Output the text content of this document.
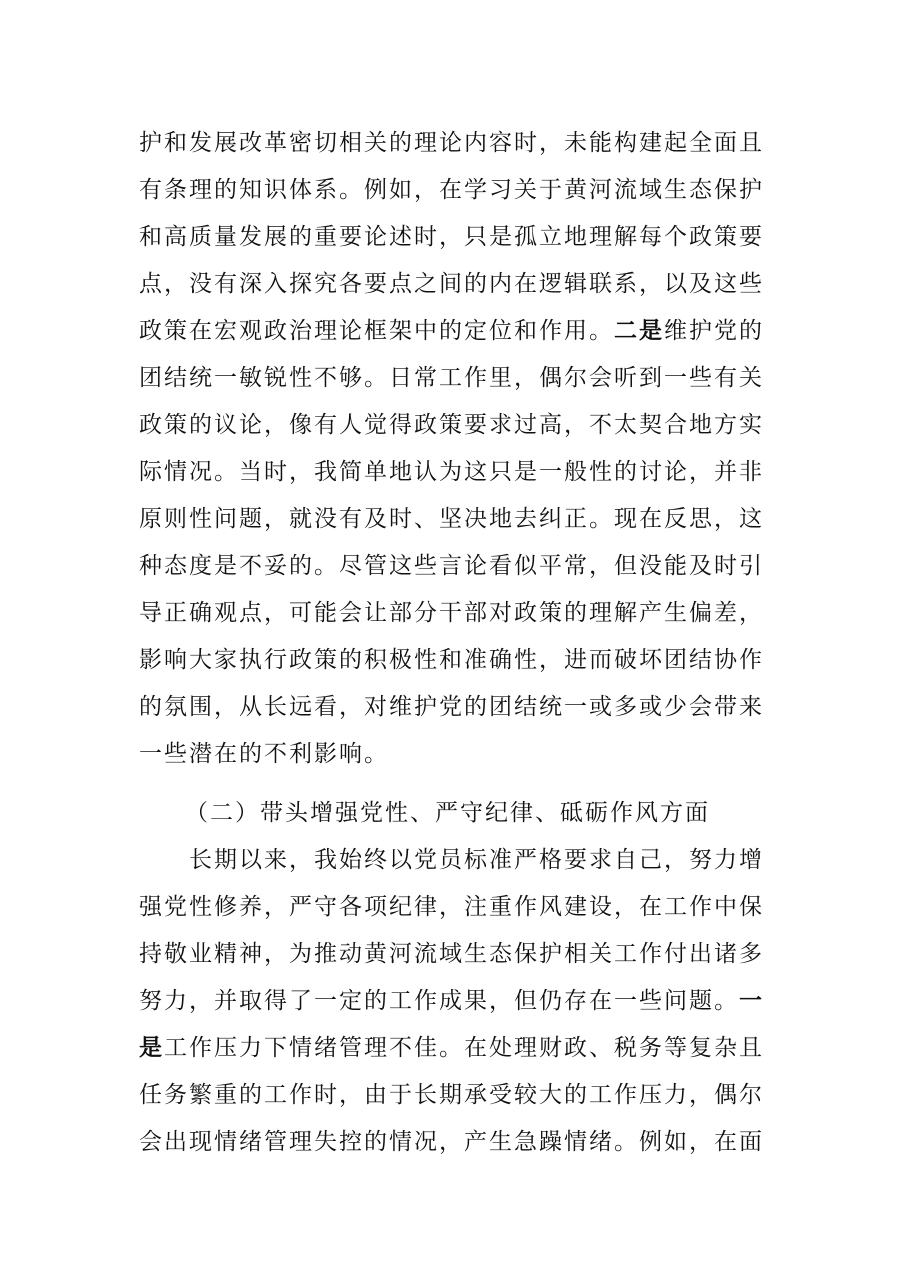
护和发展改革密切相关的理论内容时，未能构建起全面且
有条理的知识体系。例如，在学习关于黄河流域生态保护
和高质量发展的重要论述时，只是孤立地理解每个政策要
点，没有深入探究各要点之间的内在逻辑联系，以及这些
政策在宏观政治理论框架中的定位和作用。二是维护党的
团结统一敏锐性不够。日常工作里，偶尔会听到一些有关
政策的议论，像有人觉得政策要求过高，不太契合地方实
际情况。当时，我简单地认为这只是一般性的讨论，并非
原则性问题，就没有及时、坚决地去纠正。现在反思，这
种态度是不妥的。尽管这些言论看似平常，但没能及时引
导正确观点，可能会让部分干部对政策的理解产生偏差，
影响大家执行政策的积极性和准确性，进而破坏团结协作
的氛围，从长远看，对维护党的团结统一或多或少会带来
一些潜在的不利影响。
（二）带头增强党性、严守纪律、砥砺作风方面
长期以来，我始终以党员标准严格要求自己，努力增
强党性修养，严守各项纪律，注重作风建设，在工作中保
持敬业精神，为推动黄河流域生态保护相关工作付出诸多
努力，并取得了一定的工作成果，但仍存在一些问题。一
是工作压力下情绪管理不佳。在处理财政、税务等复杂且
任务繁重的工作时，由于长期承受较大的工作压力，偶尔
会出现情绪管理失控的情况，产生急躁情绪。例如，在面
